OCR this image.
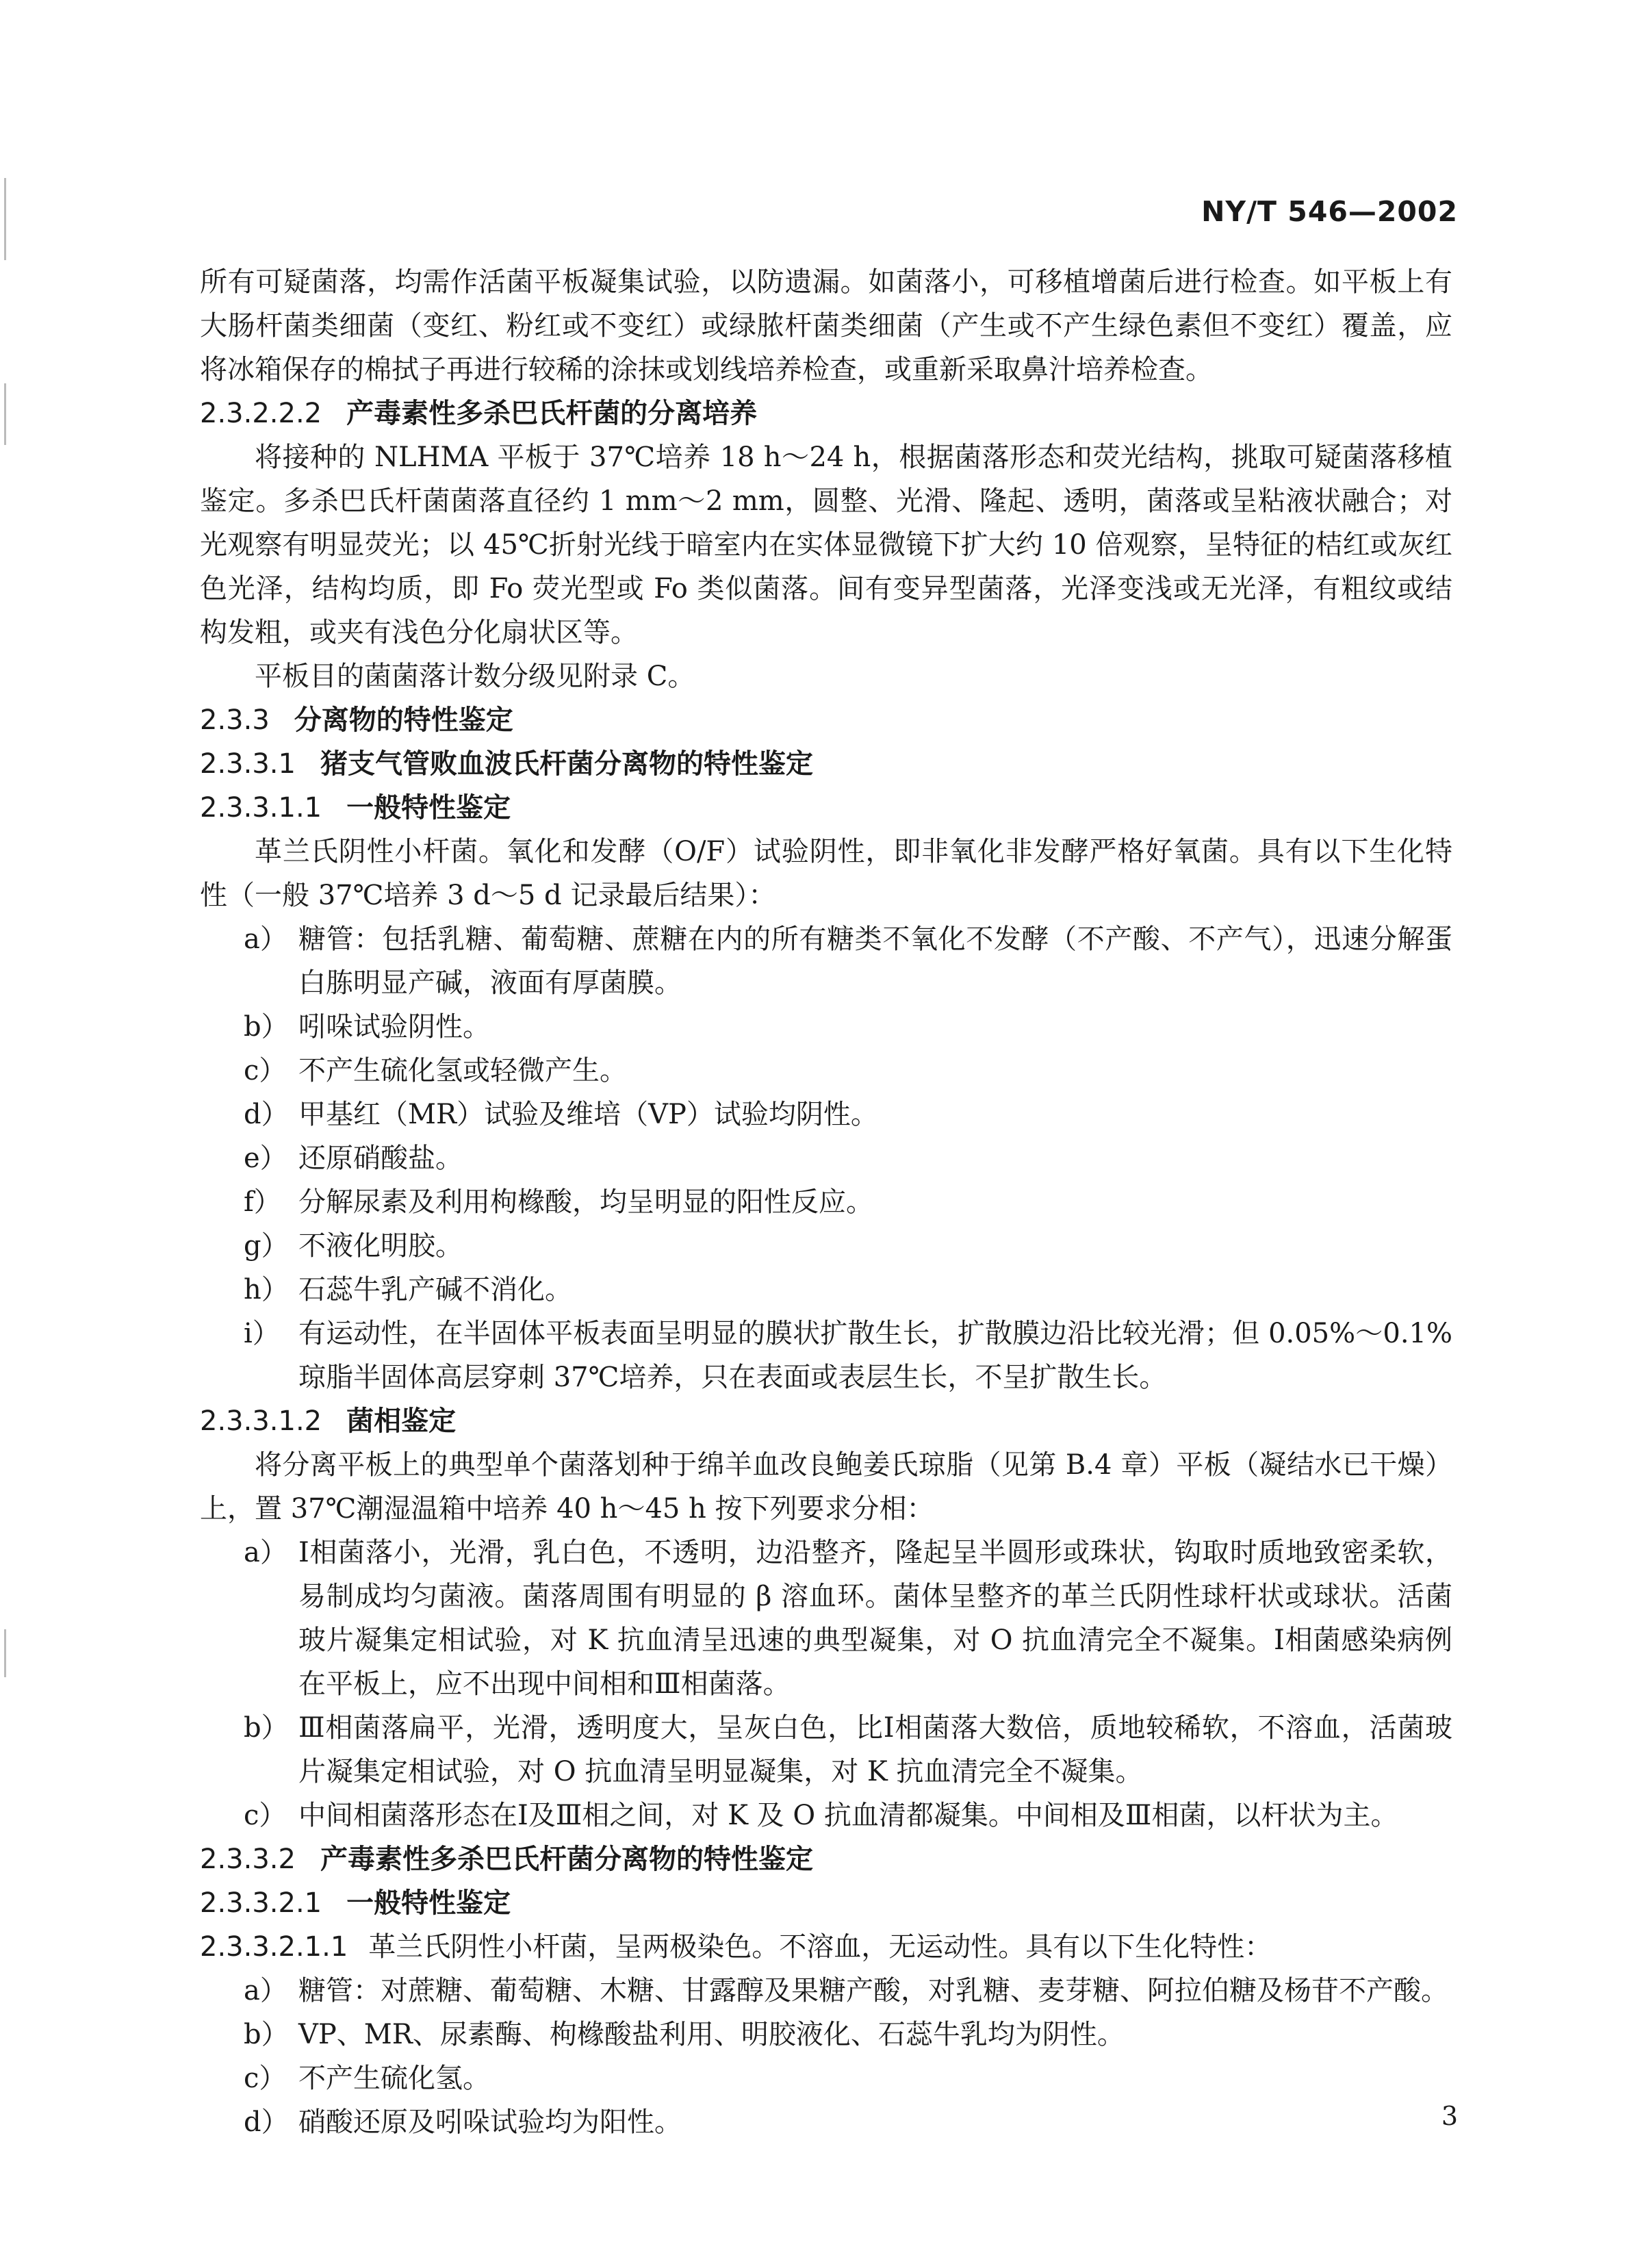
NY/T 546—2002

所有可疑菌落，均需作活菌平板凝集试验，以防遗漏。如菌落小，可移植增菌后进行检查。如平板上有大肠杆菌类细菌（变红、粉红或不变红）或绿脓杆菌类细菌（产生或不产生绿色素但不变红）覆盖，应将冰箱保存的棉拭子再进行较稀的涂抹或划线培养检查，或重新采取鼻汁培养检查。

2.3.2.2.2 产毒素性多杀巴氏杆菌的分离培养

将接种的 NLHMA 平板于 37℃培养 18 h～24 h，根据菌落形态和荧光结构，挑取可疑菌落移植鉴定。多杀巴氏杆菌菌落直径约 1 mm～2 mm，圆整、光滑、隆起、透明，菌落或呈粘液状融合；对光观察有明显荧光；以 45℃折射光线于暗室内在实体显微镜下扩大约 10 倍观察，呈特征的桔红或灰红色光泽，结构均质，即 Fo 荧光型或 Fo 类似菌落。间有变异型菌落，光泽变浅或无光泽，有粗纹或结构发粗，或夹有浅色分化扇状区等。

平板目的菌菌落计数分级见附录 C。

2.3.3 分离物的特性鉴定
2.3.3.1 猪支气管败血波氏杆菌分离物的特性鉴定
2.3.3.1.1 一般特性鉴定

革兰氏阴性小杆菌。氧化和发酵（O/F）试验阴性，即非氧化非发酵严格好氧菌。具有以下生化特性（一般 37℃培养 3 d～5 d 记录最后结果）：

a） 糖管：包括乳糖、葡萄糖、蔗糖在内的所有糖类不氧化不发酵（不产酸、不产气），迅速分解蛋白胨明显产碱，液面有厚菌膜。
b） 吲哚试验阴性。
c） 不产生硫化氢或轻微产生。
d） 甲基红（MR）试验及维培（VP）试验均阴性。
e） 还原硝酸盐。
f） 分解尿素及利用枸橼酸，均呈明显的阳性反应。
g） 不液化明胶。
h） 石蕊牛乳产碱不消化。
i） 有运动性，在半固体平板表面呈明显的膜状扩散生长，扩散膜边沿比较光滑；但 0.05%～0.1% 琼脂半固体高层穿刺 37℃培养，只在表面或表层生长，不呈扩散生长。
2.3.3.1.2 菌相鉴定

将分离平板上的典型单个菌落划种于绵羊血改良鲍姜氏琼脂（见第 B.4 章）平板（凝结水已干燥）上，置 37℃潮湿温箱中培养 40 h～45 h 按下列要求分相：

a） Ⅰ相菌落小，光滑，乳白色，不透明，边沿整齐，隆起呈半圆形或珠状，钩取时质地致密柔软，易制成均匀菌液。菌落周围有明显的 β 溶血环。菌体呈整齐的革兰氏阴性球杆状或球状。活菌玻片凝集定相试验，对 K 抗血清呈迅速的典型凝集，对 O 抗血清完全不凝集。Ⅰ相菌感染病例在平板上，应不出现中间相和Ⅲ相菌落。
b） Ⅲ相菌落扁平，光滑，透明度大，呈灰白色，比Ⅰ相菌落大数倍，质地较稀软，不溶血，活菌玻片凝集定相试验，对 O 抗血清呈明显凝集，对 K 抗血清完全不凝集。
c） 中间相菌落形态在Ⅰ及Ⅲ相之间，对 K 及 O 抗血清都凝集。中间相及Ⅲ相菌，以杆状为主。
2.3.3.2 产毒素性多杀巴氏杆菌分离物的特性鉴定
2.3.3.2.1 一般特性鉴定

2.3.3.2.1.1 革兰氏阴性小杆菌，呈两极染色。不溶血，无运动性。具有以下生化特性：

a） 糖管：对蔗糖、葡萄糖、木糖、甘露醇及果糖产酸，对乳糖、麦芽糖、阿拉伯糖及杨苷不产酸。
b） VP、MR、尿素酶、枸橼酸盐利用、明胶液化、石蕊牛乳均为阴性。
c） 不产生硫化氢。
d） 硝酸还原及吲哚试验均为阳性。	3
